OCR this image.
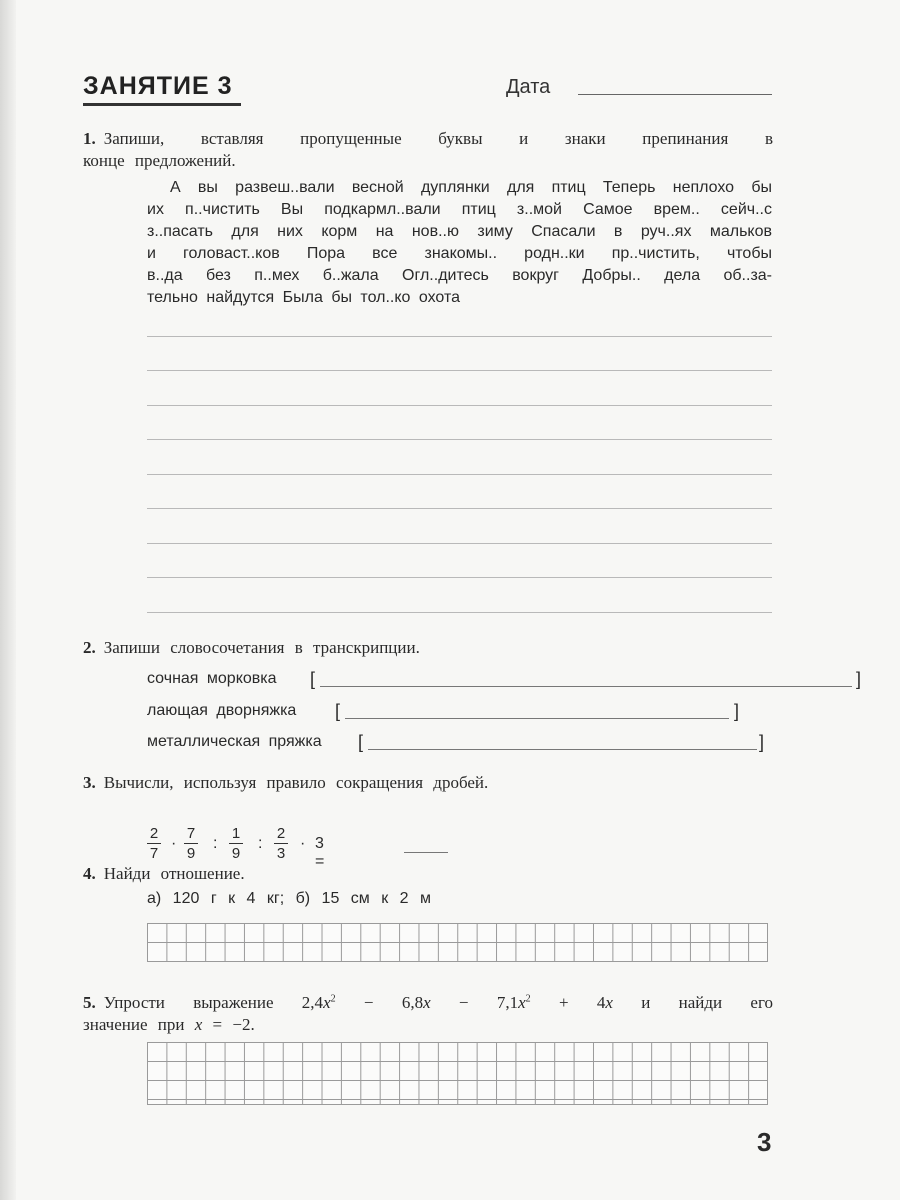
ЗАНЯТИЕ 3	Дата
1. Запиши, вставляя пропущенные буквы и знаки препинания в
конце предложений.
А вы развеш..вали весной дуплянки для птиц Теперь неплохо бы
их п..чистить Вы подкармл..вали птиц з..мой Самое врем.. сейч..с
з..пасать для них корм на нов..ю зиму Спасали в руч..ях мальков
и головаст..ков Пора все знакомы.. родн..ки пр..чистить, чтобы
в..да без п..мех б..жала Огл..дитесь вокруг Добры.. дела об..за-
тельно найдутся Была бы тол..ко охота
2. Запиши словосочетания в транскрипции.
сочная морковка [	]
лающая дворняжка [	]
металлическая пряжка [	]
3. Вычисли, используя правило сокращения дробей.
2
7
·
7
9
:
1
9
:
2
3
· 3 =
4. Найди отношение.
а) 120 г к 4 кг; б) 15 см к 2 м
5. Упрости выражение $2,4x^2 - 6,8x - 7,1x^2 + 4x$ и найди его
значение при x = −2.
3
